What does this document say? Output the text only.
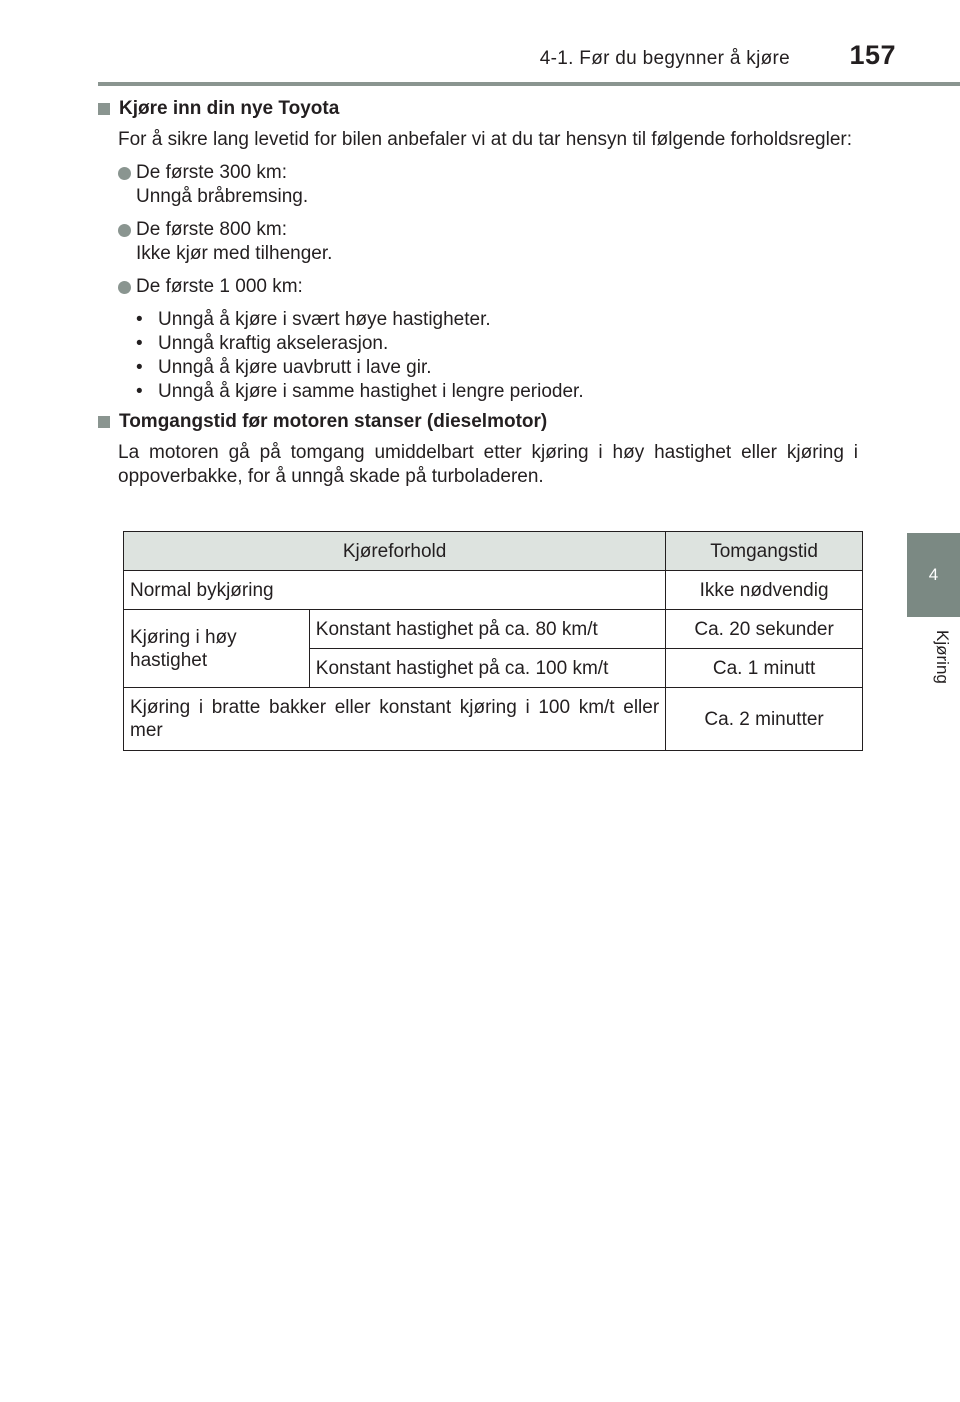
4-1. Før du begynner å kjøre	157
4
Kjøring
Kjøre inn din nye Toyota
For å sikre lang levetid for bilen anbefaler vi at du tar hensyn til følgende forholdsregler:
De første 300 km:
Unngå bråbremsing.
De første 800 km:
Ikke kjør med tilhenger.
De første 1 000 km:
• Unngå å kjøre i svært høye hastigheter.
• Unngå kraftig akselerasjon.
• Unngå å kjøre uavbrutt i lave gir.
• Unngå å kjøre i samme hastighet i lengre perioder.
Tomgangstid før motoren stanser (dieselmotor)
La motoren gå på tomgang umiddelbart etter kjøring i høy hastighet eller kjøring i oppoverbakke, for å unngå skade på turboladeren.
Kjøreforhold		Tomgangstid
Normal bykjøring		Ikke nødvendig
Kjøring i høy hastighet	Konstant hastighet på ca. 80 km/t	Ca. 20 sekunder
	Konstant hastighet på ca. 100 km/t	Ca. 1 minutt
Kjøring i bratte bakker eller konstant kjøring i 100 km/t eller mer		Ca. 2 minutter
